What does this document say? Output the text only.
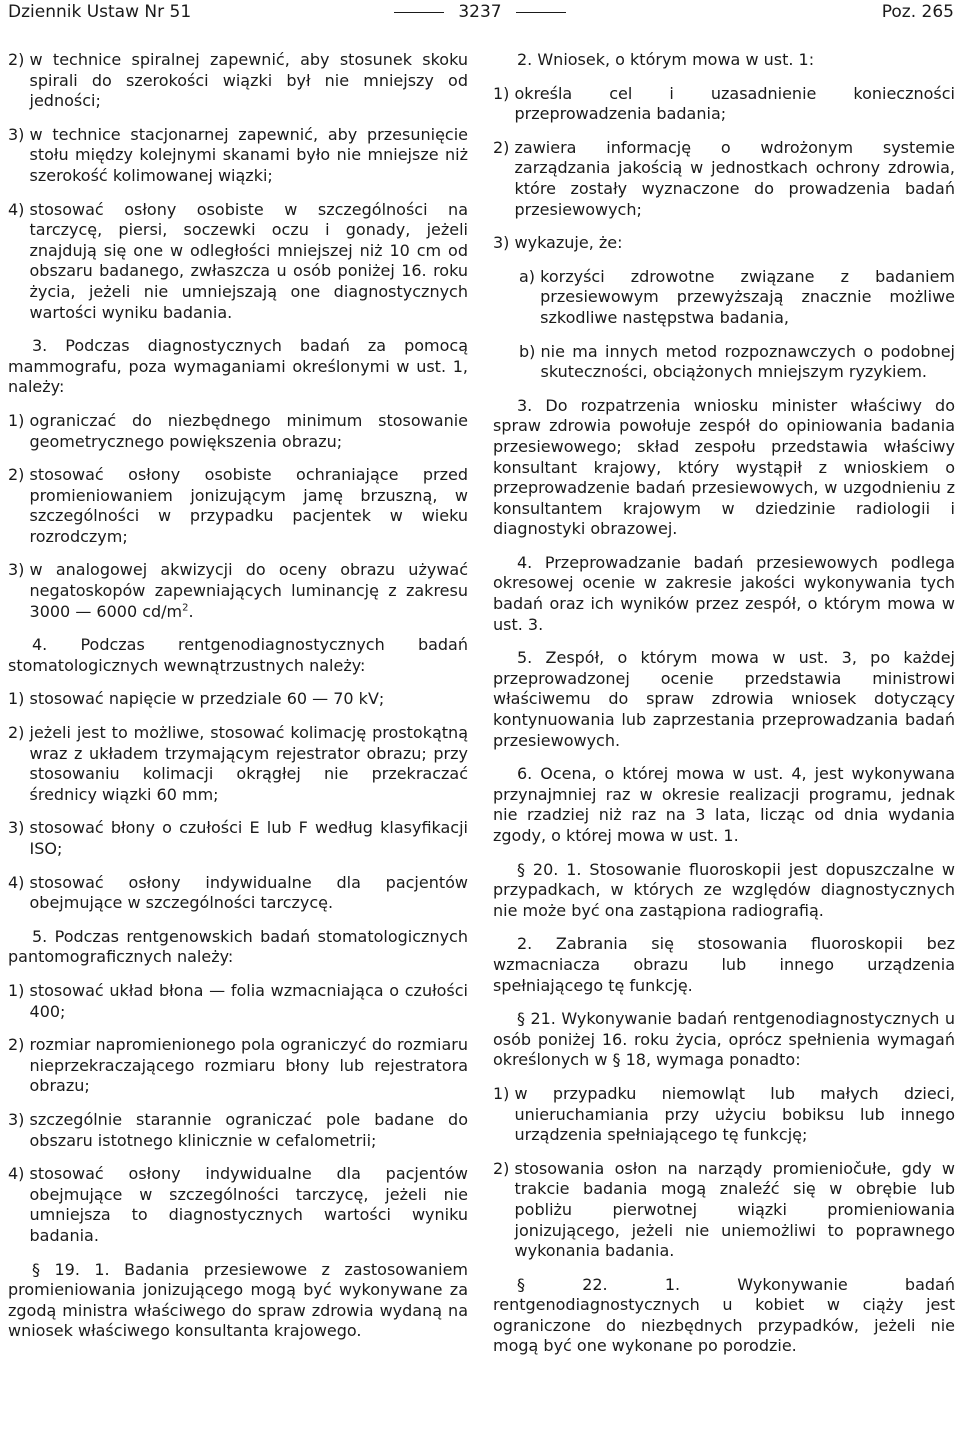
Dziennik Ustaw Nr 51	3237	Poz. 265

2) w technice spiralnej zapewnić, aby stosunek skoku spirali do szerokości wiązki był nie mniejszy od jedności;

3) w technice stacjonarnej zapewnić, aby przesunięcie stołu między kolejnymi skanami było nie mniejsze niż szerokość kolimowanej wiązki;

4) stosować osłony osobiste w szczególności na tarczycę, piersi, soczewki oczu i gonady, jeżeli znajdują się one w odległości mniejszej niż 10 cm od obszaru badanego, zwłaszcza u osób poniżej 16. roku życia, jeżeli nie umniejszają one diagnostycznych wartości wyniku badania.

3. Podczas diagnostycznych badań za pomocą mammografu, poza wymaganiami określonymi w ust. 1, należy:

1) ograniczać do niezbędnego minimum stosowanie geometrycznego powiększenia obrazu;

2) stosować osłony osobiste ochraniające przed promieniowaniem jonizującym jamę brzuszną, w szczególności w przypadku pacjentek w wieku rozrodczym;

3) w analogowej akwizycji do oceny obrazu używać negatoskopów zapewniających luminancję z zakresu 3000 — 6000 $cd/m^2$.

4. Podczas rentgenodiagnostycznych badań stomatologicznych wewnątrzustnych należy:

1) stosować napięcie w przedziale 60 — 70 kV;

2) jeżeli jest to możliwe, stosować kolimację prostokątną wraz z układem trzymającym rejestrator obrazu; przy stosowaniu kolimacji okrągłej nie przekraczać średnicy wiązki 60 mm;

3) stosować błony o czułości E lub F według klasyfikacji ISO;

4) stosować osłony indywidualne dla pacjentów obejmujące w szczególności tarczycę.

5. Podczas rentgenowskich badań stomatologicznych pantomograficznych należy:

1) stosować układ błona — folia wzmacniająca o czułości 400;

2) rozmiar napromienionego pola ograniczyć do rozmiaru nieprzekraczającego rozmiaru błony lub rejestratora obrazu;

3) szczególnie starannie ograniczać pole badane do obszaru istotnego klinicznie w cefalometrii;

4) stosować osłony indywidualne dla pacjentów obejmujące w szczególności tarczycę, jeżeli nie umniejsza to diagnostycznych wartości wyniku badania.

§ 19. 1. Badania przesiewowe z zastosowaniem promieniowania jonizującego mogą być wykonywane za zgodą ministra właściwego do spraw zdrowia wydaną na wniosek właściwego konsultanta krajowego.

2. Wniosek, o którym mowa w ust. 1:

1) określa cel i uzasadnienie konieczności przeprowadzenia badania;

2) zawiera informację o wdrożonym systemie zarządzania jakością w jednostkach ochrony zdrowia, które zostały wyznaczone do prowadzenia badań przesiewowych;

3) wykazuje, że:

a) korzyści zdrowotne związane z badaniem przesiewowym przewyższają znacznie możliwe szkodliwe następstwa badania,

b) nie ma innych metod rozpoznawczych o podobnej skuteczności, obciążonych mniejszym ryzykiem.

3. Do rozpatrzenia wniosku minister właściwy do spraw zdrowia powołuje zespół do opiniowania badania przesiewowego; skład zespołu przedstawia właściwy konsultant krajowy, który wystąpił z wnioskiem o przeprowadzenie badań przesiewowych, w uzgodnieniu z konsultantem krajowym w dziedzinie radiologii i diagnostyki obrazowej.

4. Przeprowadzanie badań przesiewowych podlega okresowej ocenie w zakresie jakości wykonywania tych badań oraz ich wyników przez zespół, o którym mowa w ust. 3.

5. Zespół, o którym mowa w ust. 3, po każdej przeprowadzonej ocenie przedstawia ministrowi właściwemu do spraw zdrowia wniosek dotyczący kontynuowania lub zaprzestania przeprowadzania badań przesiewowych.

6. Ocena, o której mowa w ust. 4, jest wykonywana przynajmniej raz w okresie realizacji programu, jednak nie rzadziej niż raz na 3 lata, licząc od dnia wydania zgody, o której mowa w ust. 1.

§ 20. 1. Stosowanie fluoroskopii jest dopuszczalne w przypadkach, w których ze względów diagnostycznych nie może być ona zastąpiona radiografią.

2. Zabrania się stosowania fluoroskopii bez wzmacniacza obrazu lub innego urządzenia spełniającego tę funkcję.

§ 21. Wykonywanie badań rentgenodiagnostycznych u osób poniżej 16. roku życia, oprócz spełnienia wymagań określonych w § 18, wymaga ponadto:

1) w przypadku niemowląt lub małych dzieci, unieruchamiania przy użyciu bobiksu lub innego urządzenia spełniającego tę funkcję;

2) stosowania osłon na narządy promieniočułe, gdy w trakcie badania mogą znaleźć się w obrębie lub pobliżu pierwotnej wiązki promieniowania jonizującego, jeżeli nie uniemożliwi to poprawnego wykonania badania.

§ 22. 1. Wykonywanie badań rentgenodiagnostycznych u kobiet w ciąży jest ograniczone do niezbędnych przypadków, jeżeli nie mogą być one wykonane po porodzie.
